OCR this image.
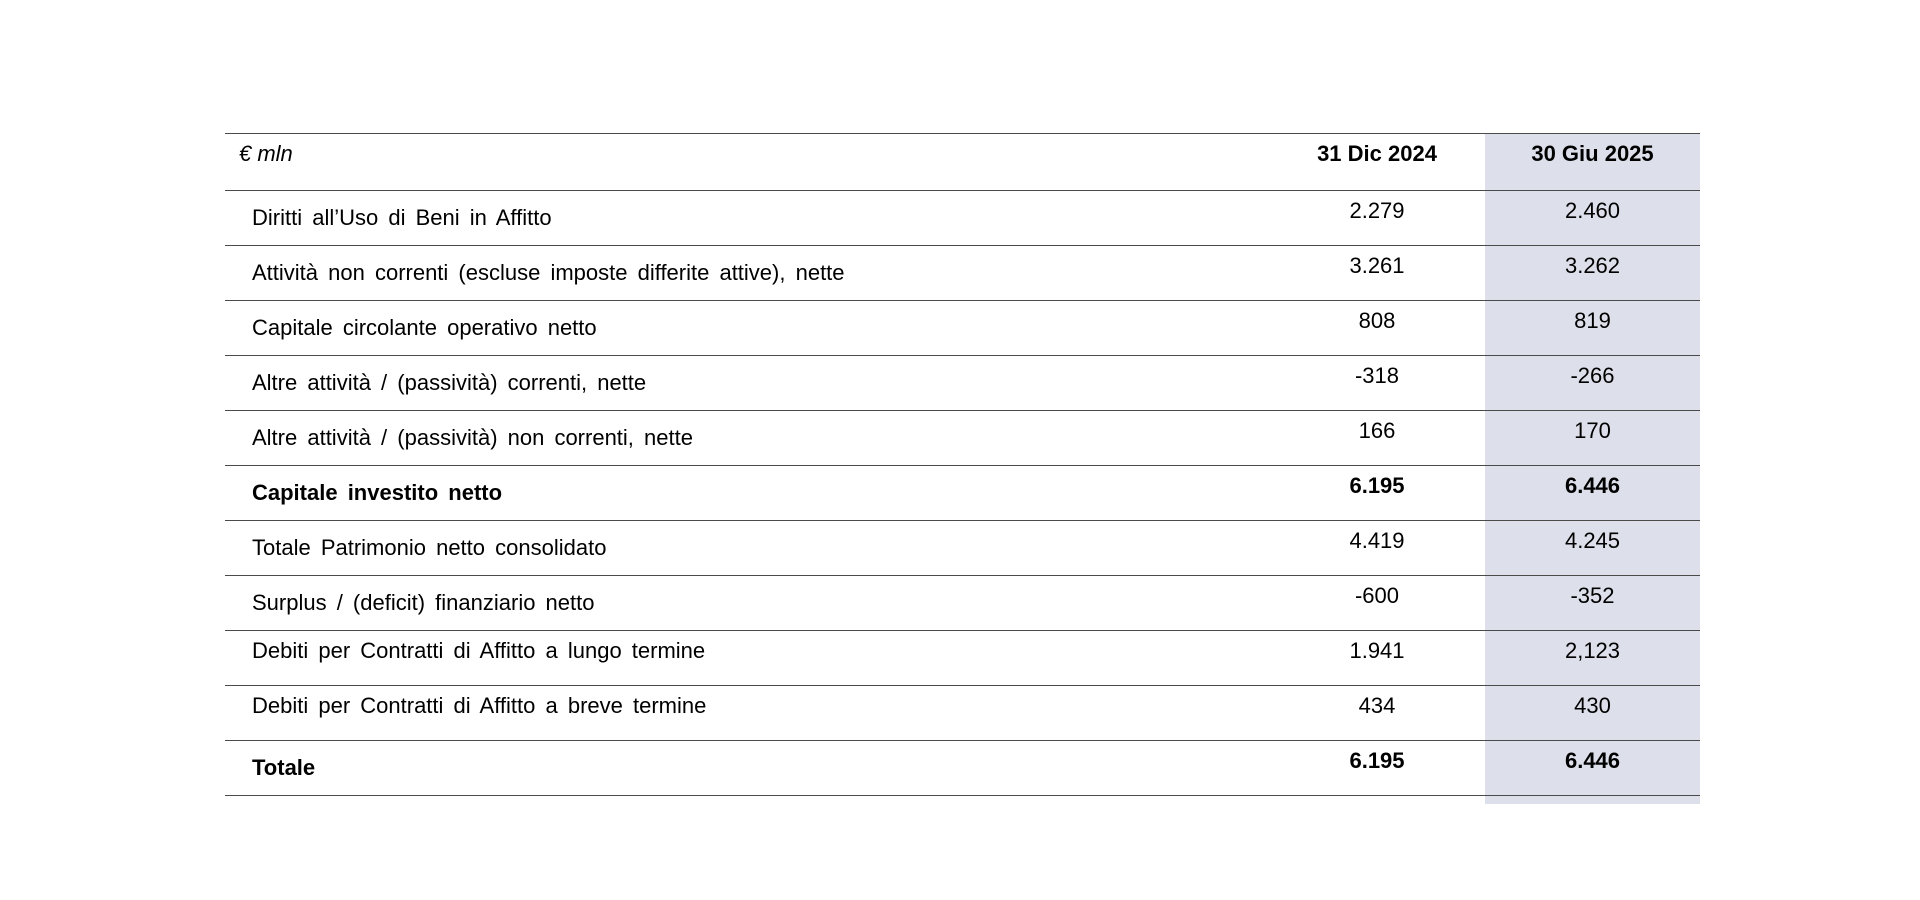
€ mln	31 Dic 2024	30 Giu 2025
Diritti all’Uso di Beni in Affitto	2.279	2.460
Attività non correnti (escluse imposte differite attive), nette	3.261	3.262
Capitale circolante operativo netto	808	819
Altre attività / (passività) correnti, nette	-318	-266
Altre attività / (passività) non correnti, nette	166	170
Capitale investito netto	6.195	6.446
Totale Patrimonio netto consolidato	4.419	4.245
Surplus / (deficit) finanziario netto	-600	-352
Debiti per Contratti di Affitto a lungo termine	1.941	2,123
Debiti per Contratti di Affitto a breve termine	434	430
Totale	6.195	6.446
